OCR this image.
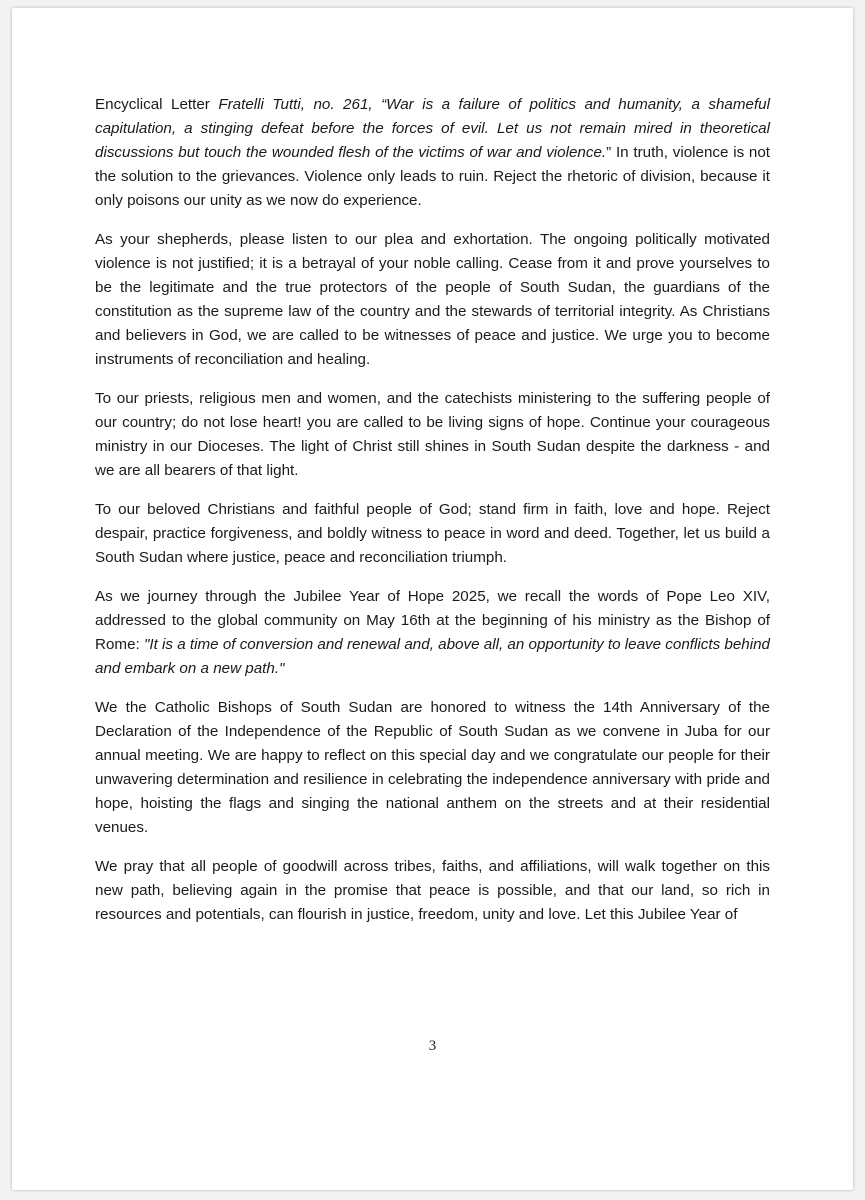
Encyclical Letter Fratelli Tutti, no. 261, “War is a failure of politics and humanity, a shameful capitulation, a stinging defeat before the forces of evil. Let us not remain mired in theoretical discussions but touch the wounded flesh of the victims of war and violence.” In truth, violence is not the solution to the grievances. Violence only leads to ruin. Reject the rhetoric of division, because it only poisons our unity as we now do experience.

As your shepherds, please listen to our plea and exhortation. The ongoing politically motivated violence is not justified; it is a betrayal of your noble calling. Cease from it and prove yourselves to be the legitimate and the true protectors of the people of South Sudan, the guardians of the constitution as the supreme law of the country and the stewards of territorial integrity. As Christians and believers in God, we are called to be witnesses of peace and justice. We urge you to become instruments of reconciliation and healing.

To our priests, religious men and women, and the catechists ministering to the suffering people of our country; do not lose heart! you are called to be living signs of hope. Continue your courageous ministry in our Dioceses. The light of Christ still shines in South Sudan despite the darkness - and we are all bearers of that light.

To our beloved Christians and faithful people of God; stand firm in faith, love and hope. Reject despair, practice forgiveness, and boldly witness to peace in word and deed. Together, let us build a South Sudan where justice, peace and reconciliation triumph.

As we journey through the Jubilee Year of Hope 2025, we recall the words of Pope Leo XIV, addressed to the global community on May 16th at the beginning of his ministry as the Bishop of Rome: "It is a time of conversion and renewal and, above all, an opportunity to leave conflicts behind and embark on a new path."

We the Catholic Bishops of South Sudan are honored to witness the 14th Anniversary of the Declaration of the Independence of the Republic of South Sudan as we convene in Juba for our annual meeting. We are happy to reflect on this special day and we congratulate our people for their unwavering determination and resilience in celebrating the independence anniversary with pride and hope, hoisting the flags and singing the national anthem on the streets and at their residential venues.

We pray that all people of goodwill across tribes, faiths, and affiliations, will walk together on this new path, believing again in the promise that peace is possible, and that our land, so rich in resources and potentials, can flourish in justice, freedom, unity and love. Let this Jubilee Year of

3
